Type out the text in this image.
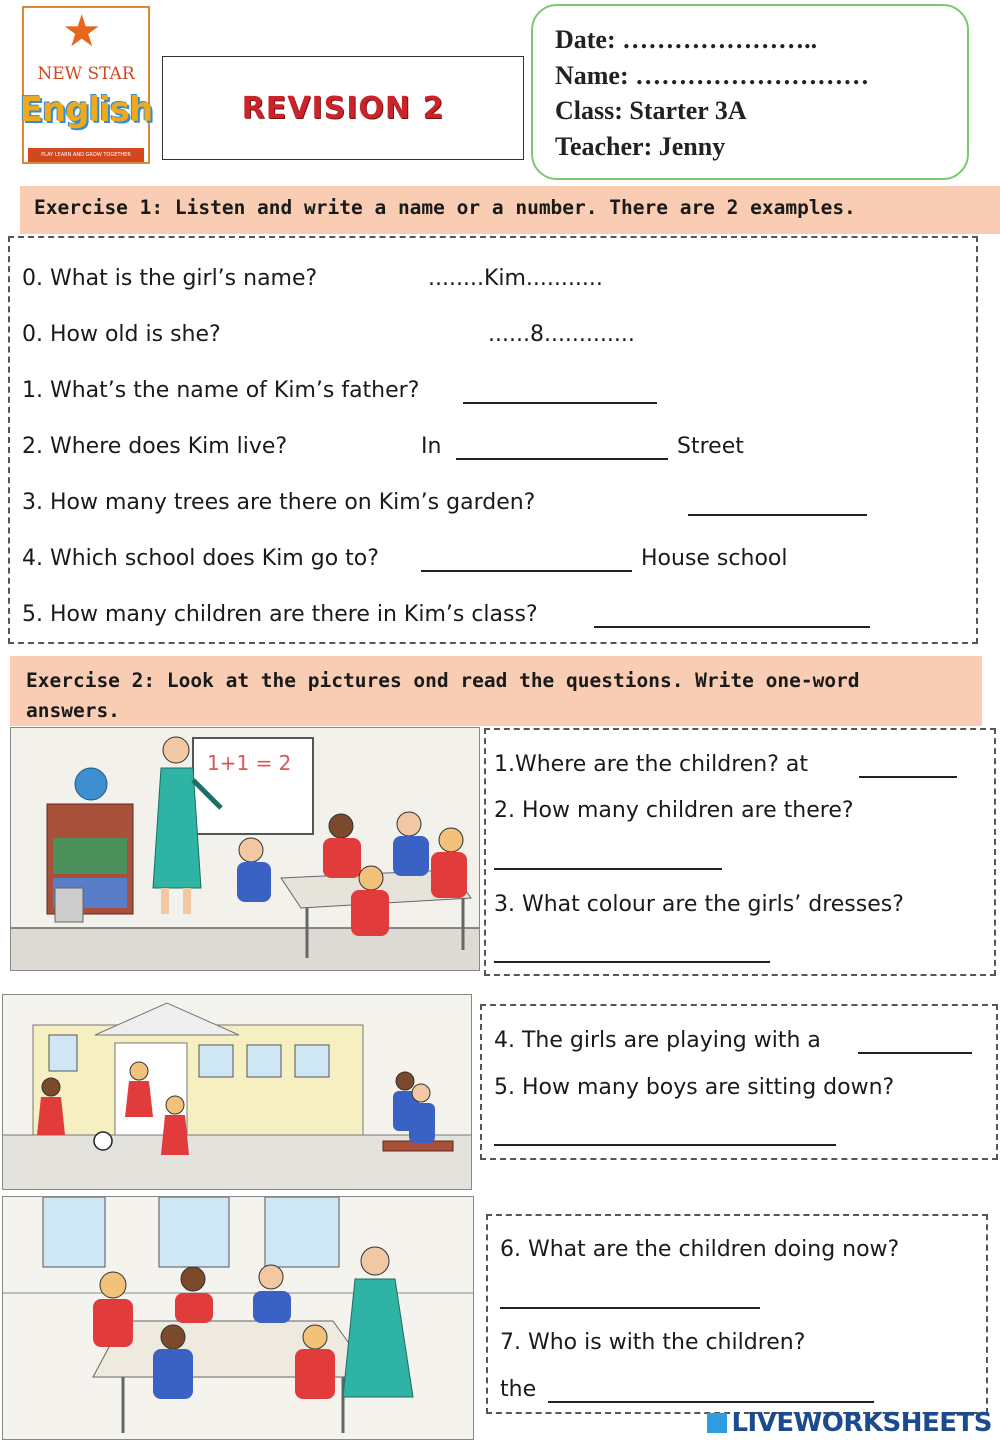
★
NEW STAR
English
PLAY LEARN AND GROW TOGETHER
REVISION 2
Date: …………………..
Name: ………………………
Class: Starter 3A
Teacher: Jenny
Exercise 1: Listen and write a name or a number. There are 2 examples.
0. What is the girl’s name?	........Kim...........
0. How old is she?	......8.............
1. What’s the name of Kim’s father?
2. Where does Kim live?	In	Street
3. How many trees are there on Kim’s garden?
4. Which school does Kim go to?	House school
5. How many children are there in Kim’s class?
Exercise 2: Look at the pictures ond read the questions. Write one-word
answers.
1+1 = 2	1.Where are the children? at
2. How many children are there?
3. What colour are the girls’ dresses?
4. The girls are playing with a
5. How many boys are sitting down?
6. What are the children doing now?
7. Who is with the children?
the
LIVEWORKSHEETS
